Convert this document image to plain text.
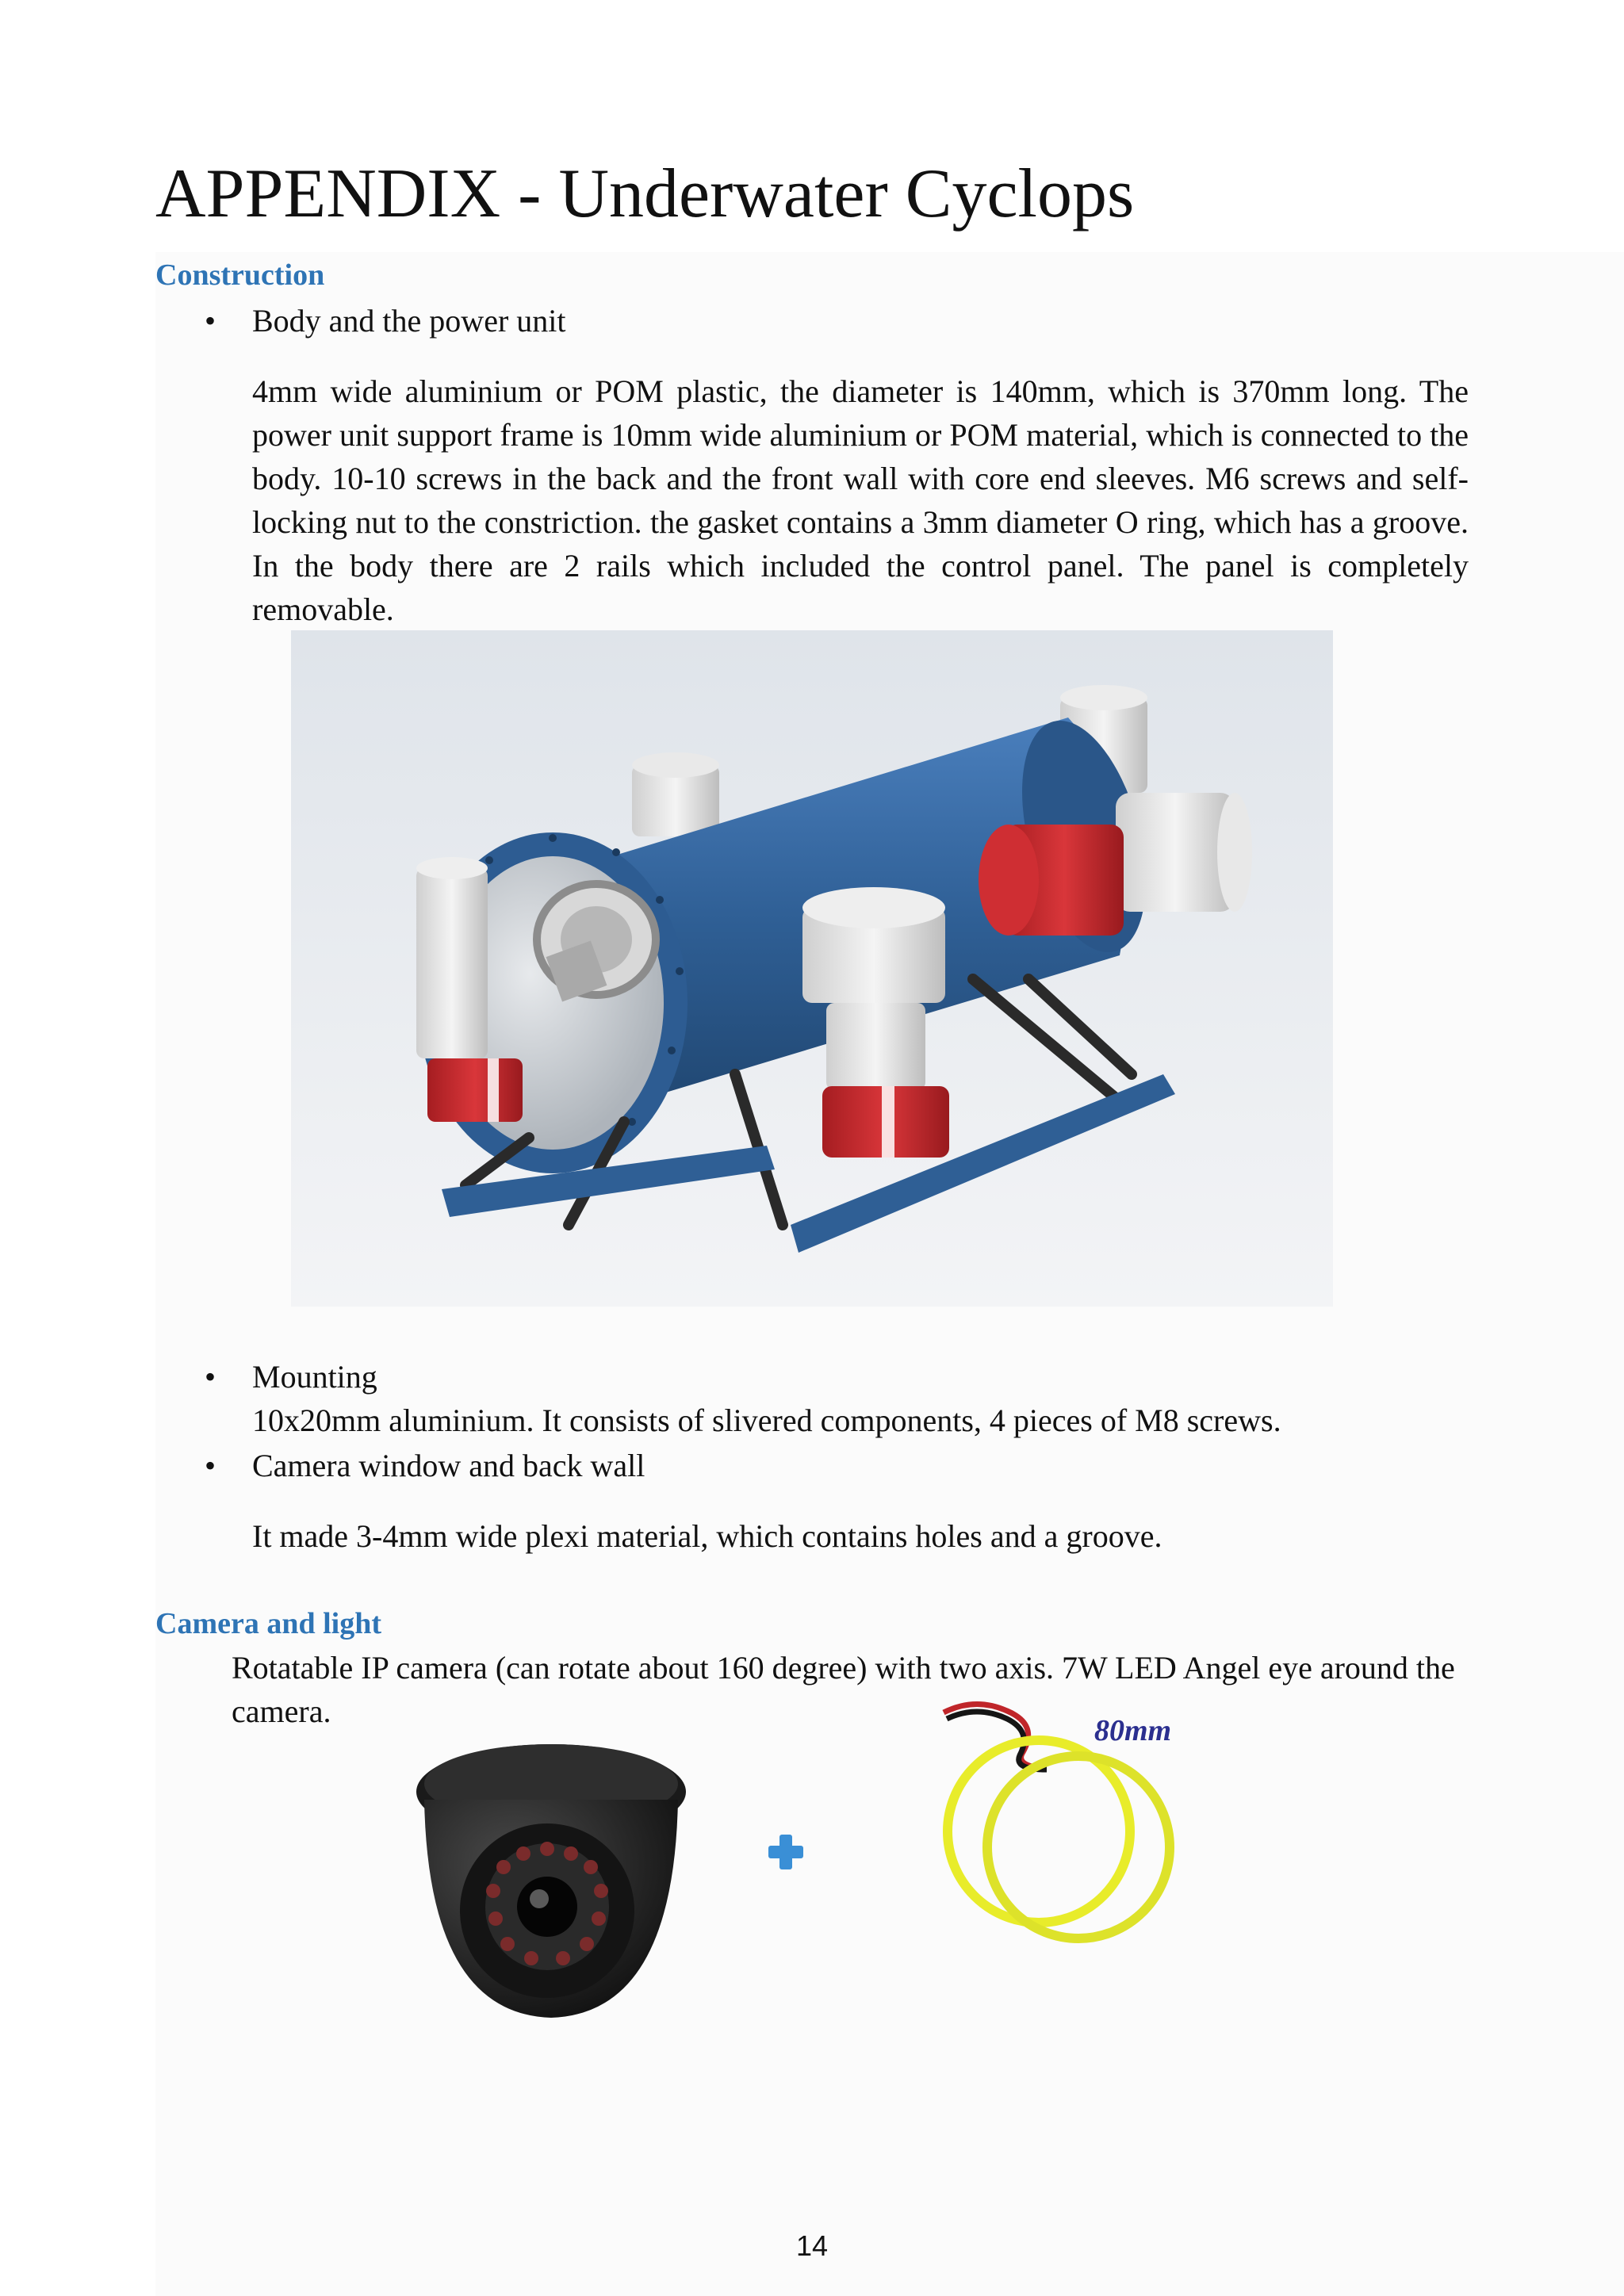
APPENDIX - Underwater Cyclops
Construction
• Body and the power unit
4mm wide aluminium or POM plastic, the diameter is 140mm, which is 370mm long. The power unit support frame is 10mm wide aluminium or POM material, which is connected to the body. 10-10 screws in the back and the front wall with core end sleeves. M6 screws and self-locking nut to the constriction. the gasket contains a 3mm diameter O ring, which has a groove. In the body there are 2 rails which included the control panel. The panel is completely removable.
• Mounting
10x20mm aluminium. It consists of slivered components, 4 pieces of M8 screws.
• Camera window and back wall
It made 3-4mm wide plexi material, which contains holes and a groove.
Camera and light
Rotatable IP camera (can rotate about 160 degree) with two axis. 7W LED Angel eye around the camera.
80mm
14
